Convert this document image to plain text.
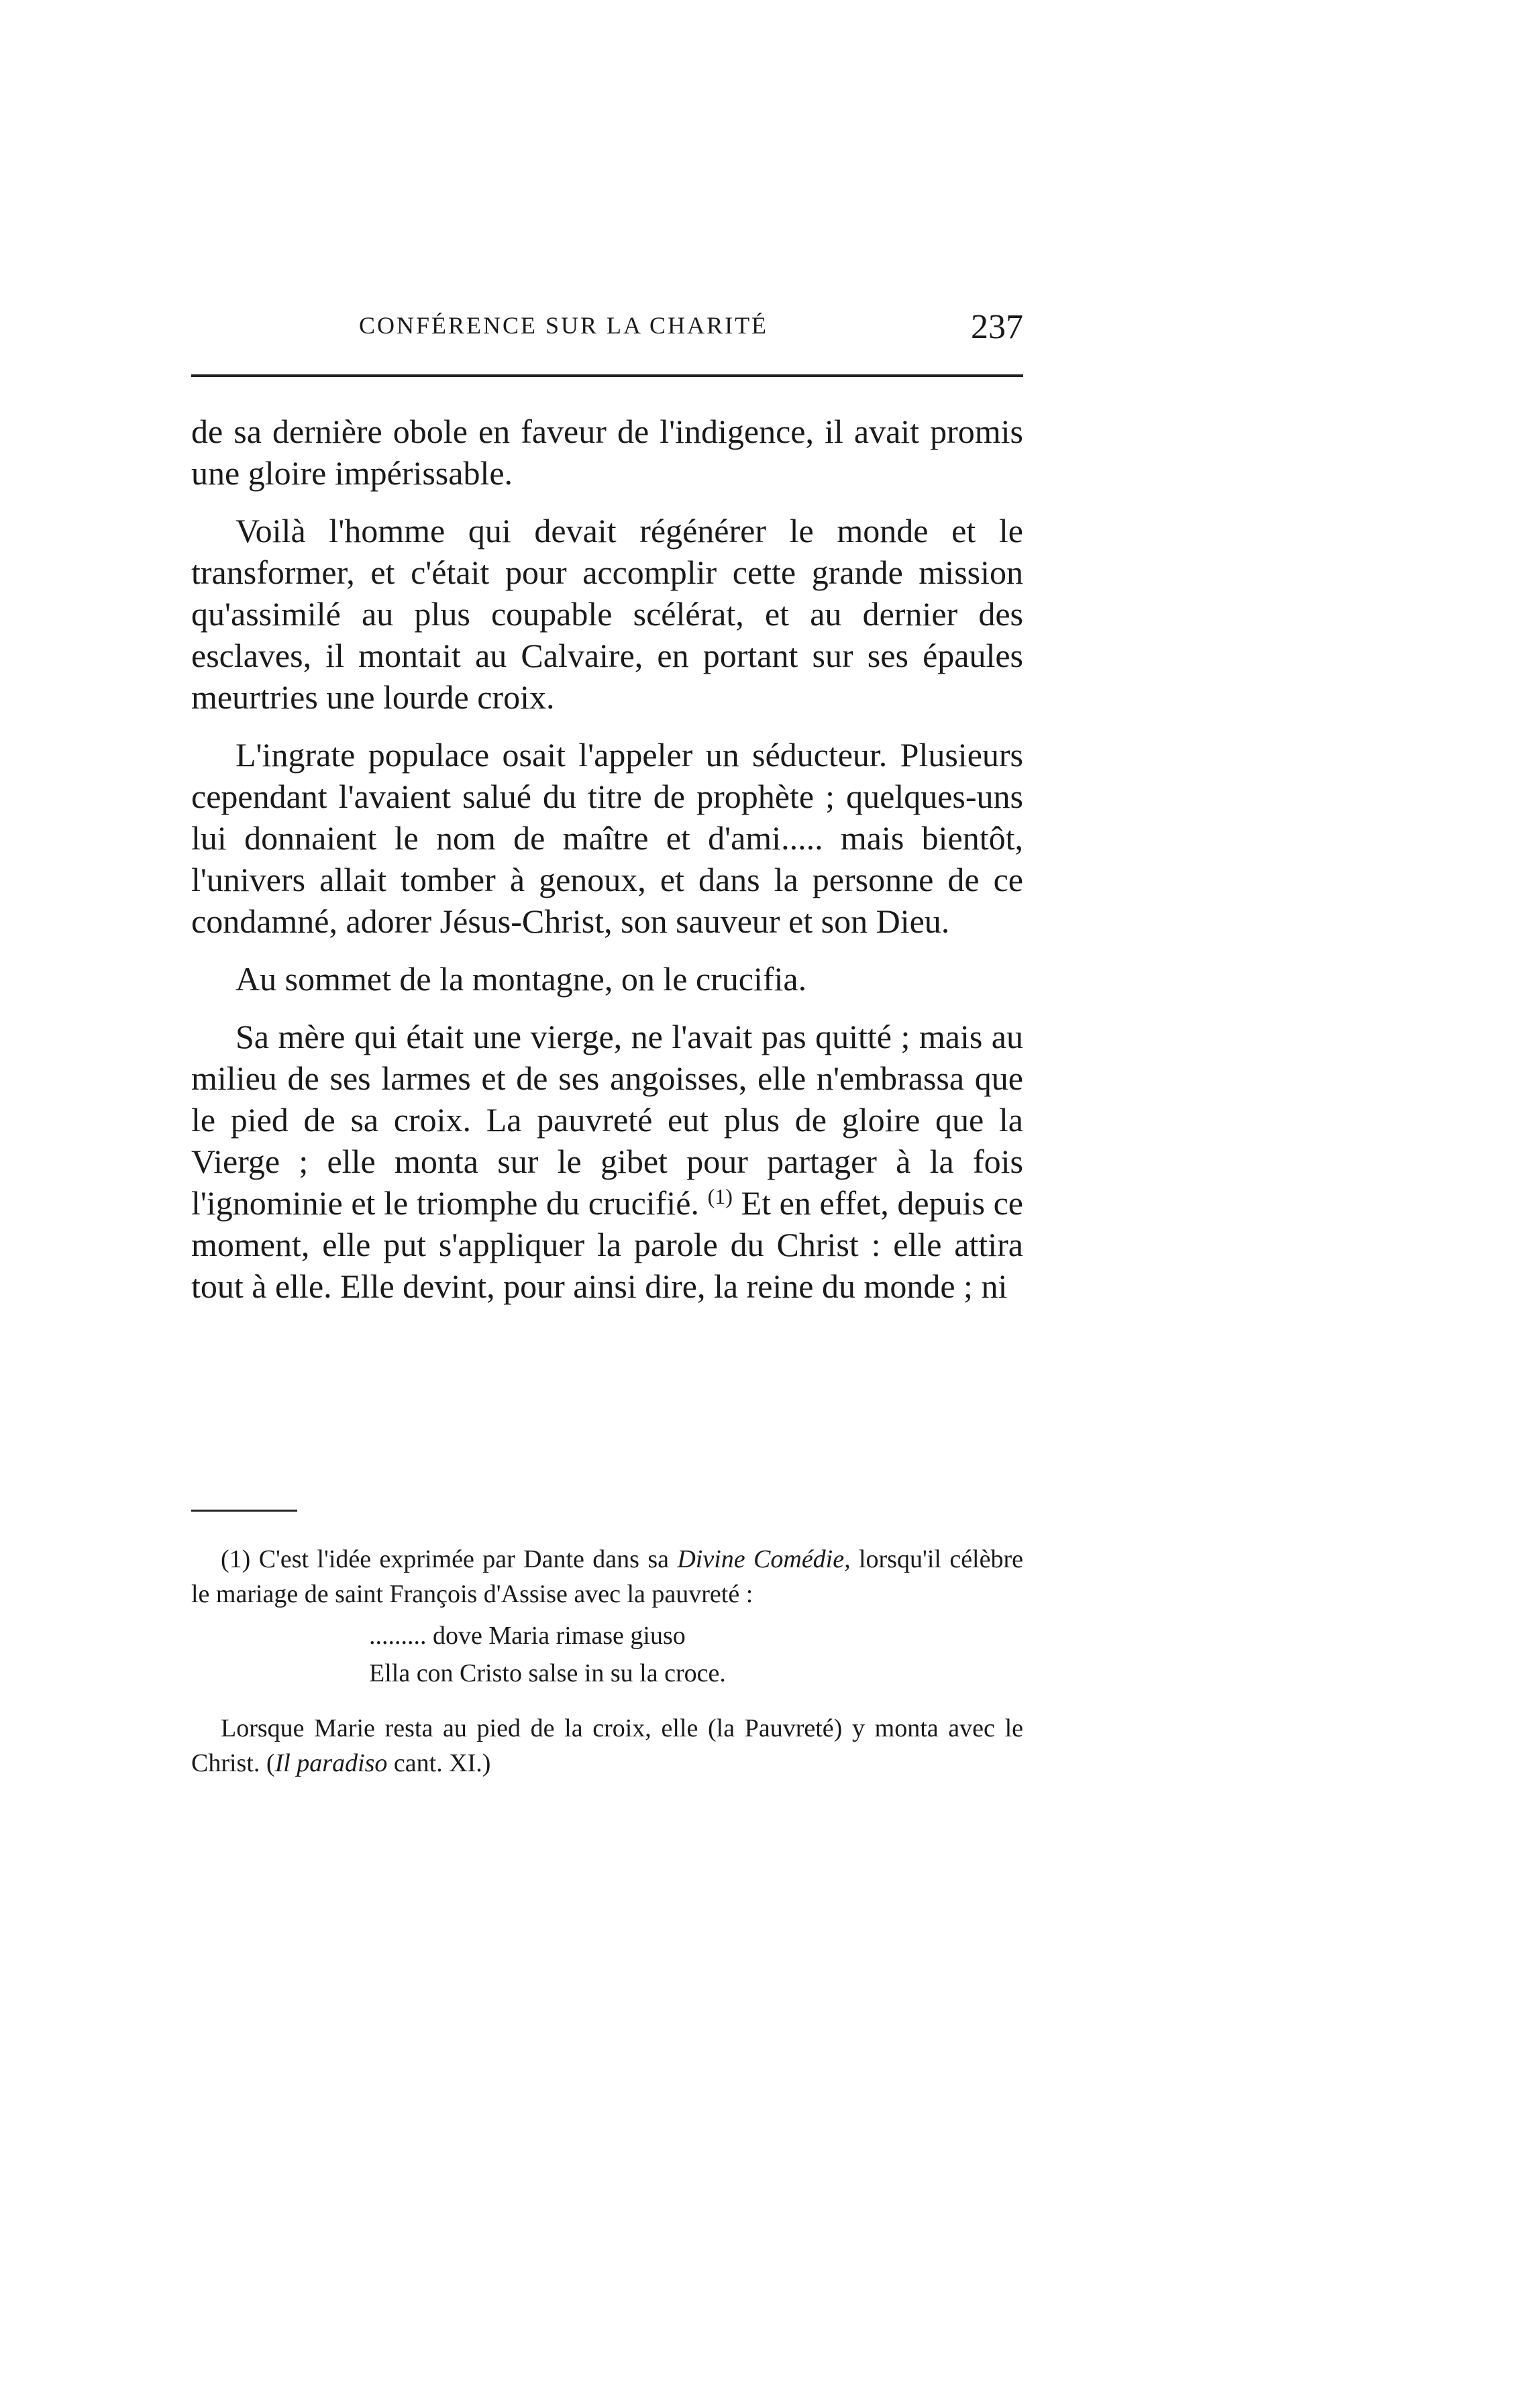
CONFÉRENCE SUR LA CHARITÉ	237

de sa dernière obole en faveur de l'indigence, il avait promis une gloire impérissable.

Voilà l'homme qui devait régénérer le monde et le transformer, et c'était pour accomplir cette grande mission qu'assimilé au plus coupable scélérat, et au dernier des esclaves, il montait au Calvaire, en portant sur ses épaules meurtries une lourde croix.

L'ingrate populace osait l'appeler un séducteur. Plusieurs cependant l'avaient salué du titre de prophète ; quelques-uns lui donnaient le nom de maître et d'ami..... mais bientôt, l'univers allait tomber à genoux, et dans la personne de ce condamné, adorer Jésus-Christ, son sauveur et son Dieu.

Au sommet de la montagne, on le crucifia.

Sa mère qui était une vierge, ne l'avait pas quitté ; mais au milieu de ses larmes et de ses angoisses, elle n'embrassa que le pied de sa croix. La pauvreté eut plus de gloire que la Vierge ; elle monta sur le gibet pour partager à la fois l'ignominie et le triomphe du crucifié. $^{(1)}$ Et en effet, depuis ce moment, elle put s'appliquer la parole du Christ : elle attira tout à elle. Elle devint, pour ainsi dire, la reine du monde ; ni

(1) C'est l'idée exprimée par Dante dans sa Divine Comédie, lorsqu'il célèbre le mariage de saint François d'Assise avec la pauvreté :

......... dove Maria rimase giuso
Ella con Cristo salse in su la croce.

Lorsque Marie resta au pied de la croix, elle (la Pauvreté) y monta avec le Christ. (Il paradiso cant. XI.)
